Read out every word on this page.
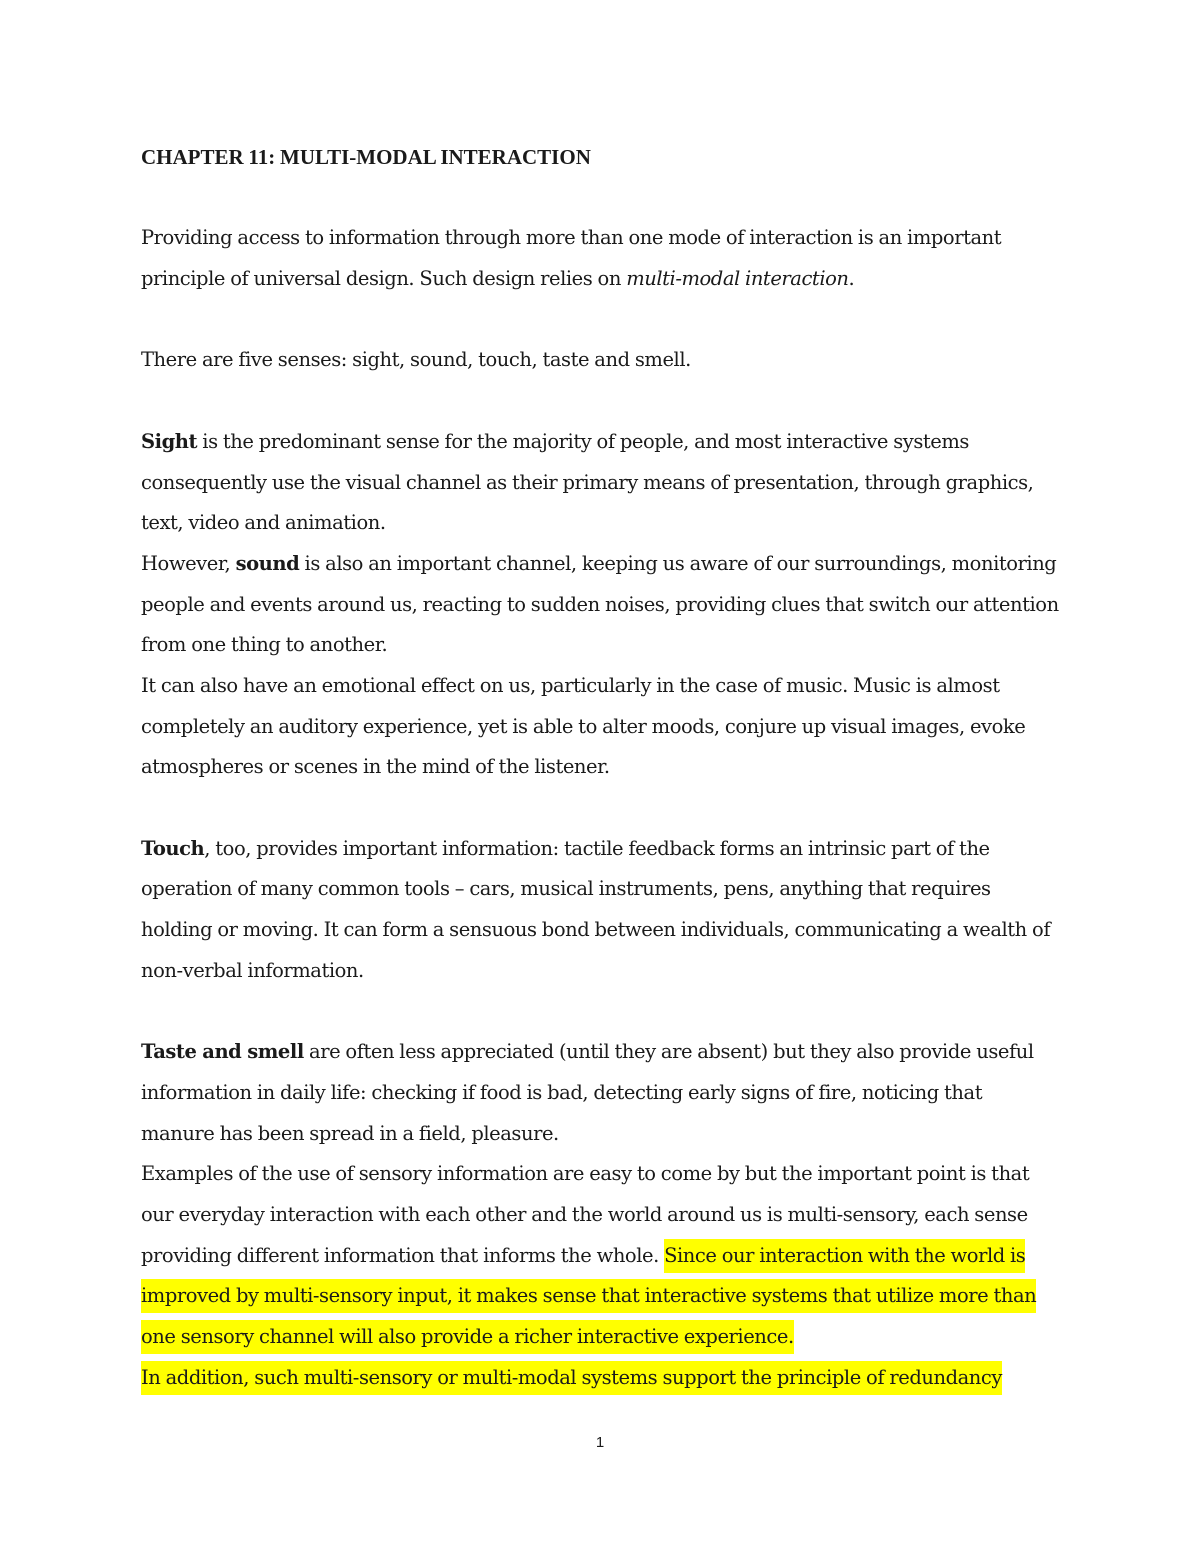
CHAPTER 11: MULTI-MODAL INTERACTION
Providing access to information through more than one mode of interaction is an important
principle of universal design. Such design relies on multi-modal interaction.
There are five senses: sight, sound, touch, taste and smell.
Sight is the predominant sense for the majority of people, and most interactive systems
consequently use the visual channel as their primary means of presentation, through graphics,
text, video and animation.
However, sound is also an important channel, keeping us aware of our surroundings, monitoring
people and events around us, reacting to sudden noises, providing clues that switch our attention
from one thing to another.
It can also have an emotional effect on us, particularly in the case of music. Music is almost
completely an auditory experience, yet is able to alter moods, conjure up visual images, evoke
atmospheres or scenes in the mind of the listener.
Touch, too, provides important information: tactile feedback forms an intrinsic part of the
operation of many common tools – cars, musical instruments, pens, anything that requires
holding or moving. It can form a sensuous bond between individuals, communicating a wealth of
non-verbal information.
Taste and smell are often less appreciated (until they are absent) but they also provide useful
information in daily life: checking if food is bad, detecting early signs of fire, noticing that
manure has been spread in a field, pleasure.
Examples of the use of sensory information are easy to come by but the important point is that
our everyday interaction with each other and the world around us is multi-sensory, each sense
providing different information that informs the whole. Since our interaction with the world is
improved by multi-sensory input, it makes sense that interactive systems that utilize more than
one sensory channel will also provide a richer interactive experience.
In addition, such multi-sensory or multi-modal systems support the principle of redundancy
1
